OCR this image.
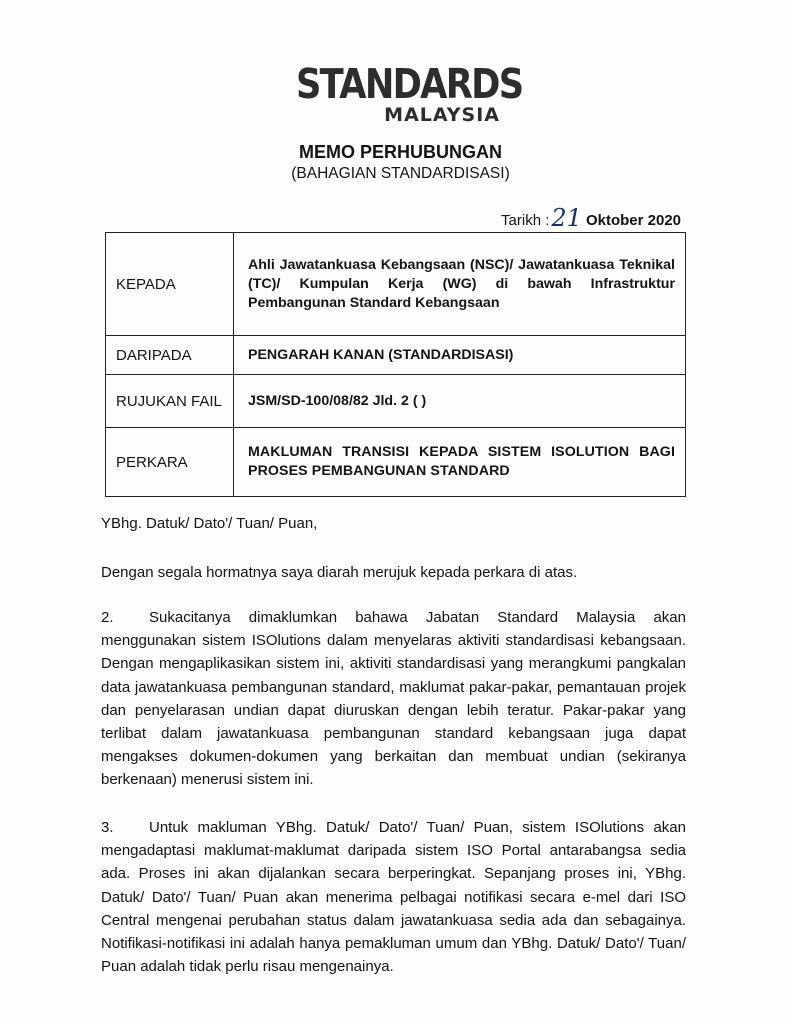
STANDARDS
MALAYSIA
MEMO PERHUBUNGAN
(BAHAGIAN STANDARDISASI)
Tarikh :21 Oktober 2020
KEPADA	Ahli Jawatankuasa Kebangsaan (NSC)/ Jawatankuasa Teknikal (TC)/ Kumpulan Kerja (WG) di bawah Infrastruktur Pembangunan Standard Kebangsaan
DARIPADA	PENGARAH KANAN (STANDARDISASI)
RUJUKAN FAIL	JSM/SD-100/08/82 Jld. 2 ( )
PERKARA	MAKLUMAN TRANSISI KEPADA SISTEM ISOLUTION BAGI PROSES PEMBANGUNAN STANDARD
YBhg. Datuk/ Dato'/ Tuan/ Puan,
Dengan segala hormatnya saya diarah merujuk kepada perkara di atas.
2. Sukacitanya dimaklumkan bahawa Jabatan Standard Malaysia akan menggunakan sistem ISOlutions dalam menyelaras aktiviti standardisasi kebangsaan. Dengan mengaplikasikan sistem ini, aktiviti standardisasi yang merangkumi pangkalan data jawatankuasa pembangunan standard, maklumat pakar-pakar, pemantauan projek dan penyelarasan undian dapat diuruskan dengan lebih teratur. Pakar-pakar yang terlibat dalam jawatankuasa pembangunan standard kebangsaan juga dapat mengakses dokumen-dokumen yang berkaitan dan membuat undian (sekiranya berkenaan) menerusi sistem ini.
3. Untuk makluman YBhg. Datuk/ Dato'/ Tuan/ Puan, sistem ISOlutions akan mengadaptasi maklumat-maklumat daripada sistem ISO Portal antarabangsa sedia ada. Proses ini akan dijalankan secara berperingkat. Sepanjang proses ini, YBhg. Datuk/ Dato'/ Tuan/ Puan akan menerima pelbagai notifikasi secara e-mel dari ISO Central mengenai perubahan status dalam jawatankuasa sedia ada dan sebagainya. Notifikasi-notifikasi ini adalah hanya pemakluman umum dan YBhg. Datuk/ Dato'/ Tuan/ Puan adalah tidak perlu risau mengenainya.
